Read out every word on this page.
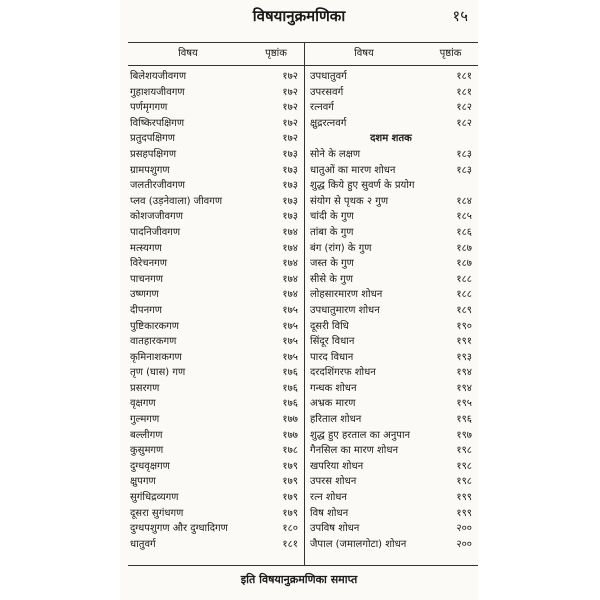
विषयानुक्रमणिका	१५
विषय	पृष्ठांक	विषय	पृष्ठांक
बिलेशयजीवगण	१७२
गुहाशयजीवगण	१७२
पर्णमृगगण	१७२
विष्किरपक्षिगण	१७२
प्रतुदपक्षिगण	१७२
प्रसहपक्षिगण	१७३
ग्रामपशुगण	१७३
जलतीरजीवगण	१७३
प्लव (उड़नेवाला) जीवगण	१७३
कोशजजीवगण	१७३
पादनिजीवगण	१७४
मत्स्यगण	१७४
विरेचनगण	१७४
पाचनगण	१७४
उष्णगण	१७४
दीपनगण	१७५
पुष्टिकारकगण	१७५
वातहारकगण	१७५
कृमिनाशकगण	१७५
तृण (घास) गण	१७६
प्रसरगण	१७६
वृक्षगण	१७६
गुल्मगण	१७७
बल्लीगण	१७७
कुसुमगण	१७८
दुग्धवृक्षगण	१७९
क्षुपगण	१७९
सुगंधिद्रव्यगण	१७९
दूसरा सुगंधगण	१७९
दुग्धपशुगण और दुग्धादिगण	१८०
धातुवर्ग	१८१
उपधातुवर्ग	१८१
उपरसवर्ग	१८१
रत्नवर्ग	१८२
क्षुद्ररत्नवर्ग	१८२
दशम शतक
सोने के लक्षण	१८३
धातुओं का मारण शोधन	१८३
शुद्ध किये हुए सुवर्ण के प्रयोग
संयोग से पृथक २ गुण	१८४
चांदी के गुण	१८५
तांबा के गुण	१८६
बंग (रांग) के गुण	१८७
जस्त के गुण	१८७
सीसे के गुण	१८८
लोहसारमारण शोधन	१८८
उपधातुमारण शोधन	१८९
दूसरी विधि	१९०
सिंदूर विधान	१९१
पारद विधान	१९३
दरदशिंगरफ शोधन	१९४
गन्धक शोधन	१९४
अभ्रक मारण	१९५
हरिताल शोधन	१९६
शुद्ध हुए हरताल का अनुपान	१९७
गैनसिल का मारण शोधन	१९८
खपरिया शोधन	१९८
उपरस शोधन	१९८
रत्न शोधन	१९९
विष शोधन	१९९
उपविष शोधन	२००
जैपाल (जमालगोटा) शोधन	२००
इति विषयानुक्रमणिका समाप्त
